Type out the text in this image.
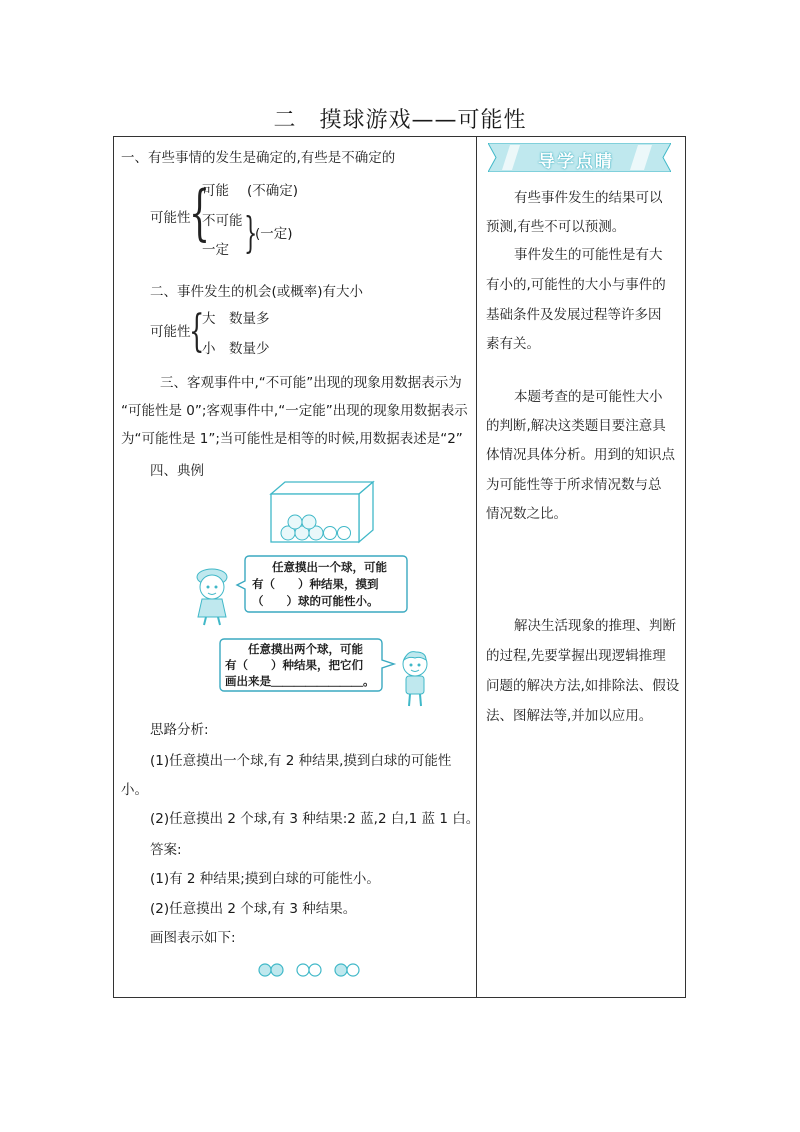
二　摸球游戏——可能性
一、有些事情的发生是确定的,有些是不确定的
可能性
{
可能 (不确定)
不可能
一定 }
(一定)
二、事件发生的机会(或概率)有大小
可能性
{
大　数量多
小　数量少
三、客观事件中,“不可能”出现的现象用数据表示为
“可能性是 0”;客观事件中,“一定能”出现的现象用数据表示
为“可能性是 1”;当可能性是相等的时候,用数据表述是“2”
四、典例
任意摸出一个球，可能
有（　　）种结果，摸到
（　　）球的可能性小。
任意摸出两个球，可能
有（　　）种结果，把它们
画出来是＿＿＿＿＿＿＿＿。
思路分析:
(1)任意摸出一个球,有 2 种结果,摸到白球的可能性
小。
(2)任意摸出 2 个球,有 3 种结果:2 蓝,2 白,1 蓝 1 白。
答案:
(1)有 2 种结果;摸到白球的可能性小。
(2)任意摸出 2 个球,有 3 种结果。
画图表示如下:
导学点睛
有些事件发生的结果可以
预测,有些不可以预测。
事件发生的可能性是有大
有小的,可能性的大小与事件的
基础条件及发展过程等许多因
素有关。
本题考查的是可能性大小
的判断,解决这类题目要注意具
体情况具体分析。用到的知识点
为可能性等于所求情况数与总
情况数之比。
解决生活现象的推理、判断
的过程,先要掌握出现逻辑推理
问题的解决方法,如排除法、假设
法、图解法等,并加以应用。
